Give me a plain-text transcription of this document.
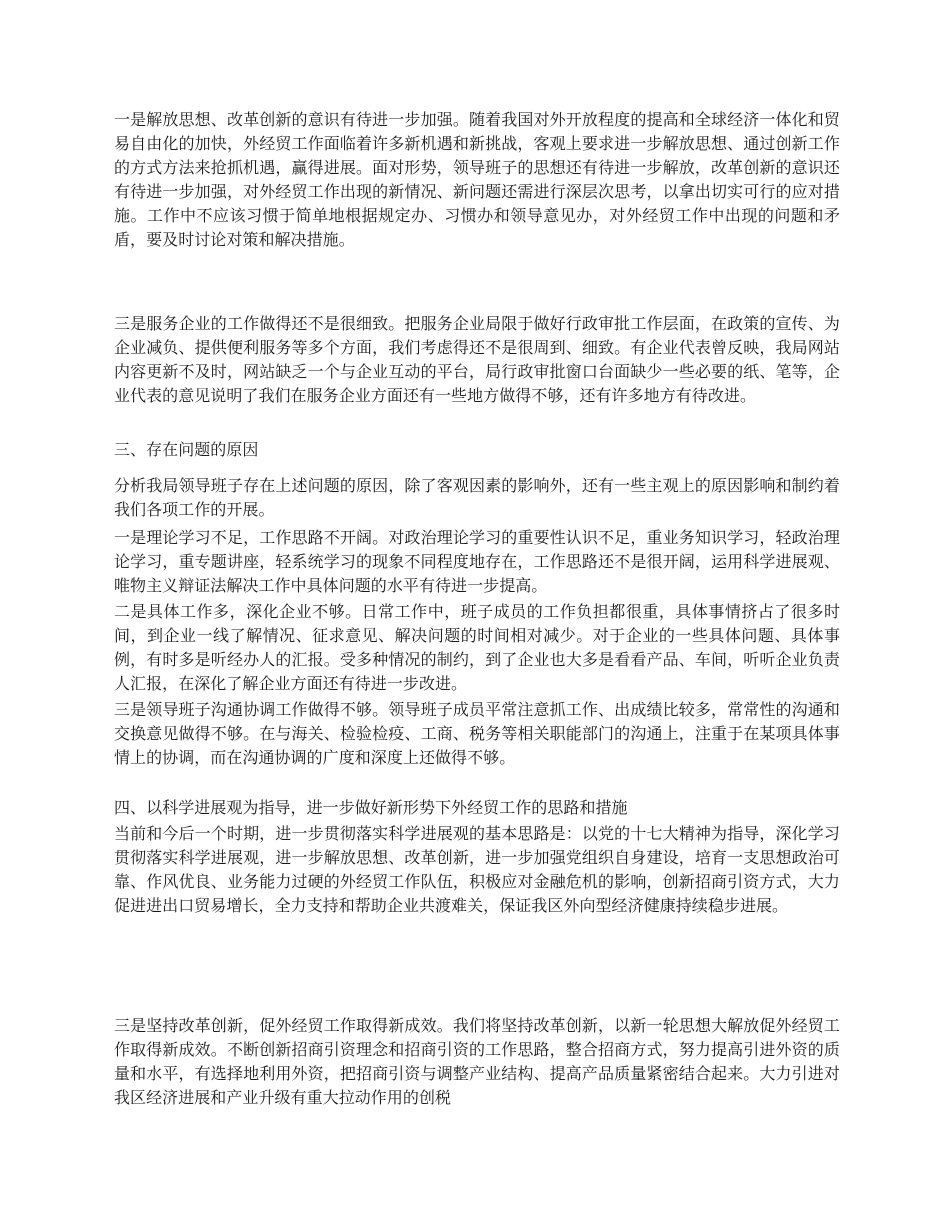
一是解放思想、改革创新的意识有待进一步加强。随着我国对外开放程度的提高和全球经济一体化和贸易自由化的加快，外经贸工作面临着许多新机遇和新挑战，客观上要求进一步解放思想、通过创新工作的方式方法来抢抓机遇，赢得进展。面对形势，领导班子的思想还有待进一步解放，改革创新的意识还有待进一步加强，对外经贸工作出现的新情况、新问题还需进行深层次思考，以拿出切实可行的应对措施。工作中不应该习惯于简单地根据规定办、习惯办和领导意见办，对外经贸工作中出现的问题和矛盾，要及时讨论对策和解决措施。

三是服务企业的工作做得还不是很细致。把服务企业局限于做好行政审批工作层面，在政策的宣传、为企业减负、提供便利服务等多个方面，我们考虑得还不是很周到、细致。有企业代表曾反映，我局网站内容更新不及时，网站缺乏一个与企业互动的平台，局行政审批窗口台面缺少一些必要的纸、笔等，企业代表的意见说明了我们在服务企业方面还有一些地方做得不够，还有许多地方有待改进。

三、存在问题的原因

分析我局领导班子存在上述问题的原因，除了客观因素的影响外，还有一些主观上的原因影响和制约着我们各项工作的开展。

一是理论学习不足，工作思路不开阔。对政治理论学习的重要性认识不足，重业务知识学习，轻政治理论学习，重专题讲座，轻系统学习的现象不同程度地存在，工作思路还不是很开阔，运用科学进展观、唯物主义辩证法解决工作中具体问题的水平有待进一步提高。

二是具体工作多，深化企业不够。日常工作中，班子成员的工作负担都很重，具体事情挤占了很多时间，到企业一线了解情况、征求意见、解决问题的时间相对减少。对于企业的一些具体问题、具体事例，有时多是听经办人的汇报。受多种情况的制约，到了企业也大多是看看产品、车间，听听企业负责人汇报，在深化了解企业方面还有待进一步改进。

三是领导班子沟通协调工作做得不够。领导班子成员平常注意抓工作、出成绩比较多，常常性的沟通和交换意见做得不够。在与海关、检验检疫、工商、税务等相关职能部门的沟通上，注重于在某项具体事情上的协调，而在沟通协调的广度和深度上还做得不够。

四、以科学进展观为指导，进一步做好新形势下外经贸工作的思路和措施

当前和今后一个时期，进一步贯彻落实科学进展观的基本思路是：以党的十七大精神为指导，深化学习贯彻落实科学进展观，进一步解放思想、改革创新，进一步加强党组织自身建设，培育一支思想政治可靠、作风优良、业务能力过硬的外经贸工作队伍，积极应对金融危机的影响，创新招商引资方式，大力促进进出口贸易增长，全力支持和帮助企业共渡难关，保证我区外向型经济健康持续稳步进展。

三是坚持改革创新，促外经贸工作取得新成效。我们将坚持改革创新，以新一轮思想大解放促外经贸工作取得新成效。不断创新招商引资理念和招商引资的工作思路，整合招商方式，努力提高引进外资的质量和水平，有选择地利用外资，把招商引资与调整产业结构、提高产品质量紧密结合起来。大力引进对我区经济进展和产业升级有重大拉动作用的创税
